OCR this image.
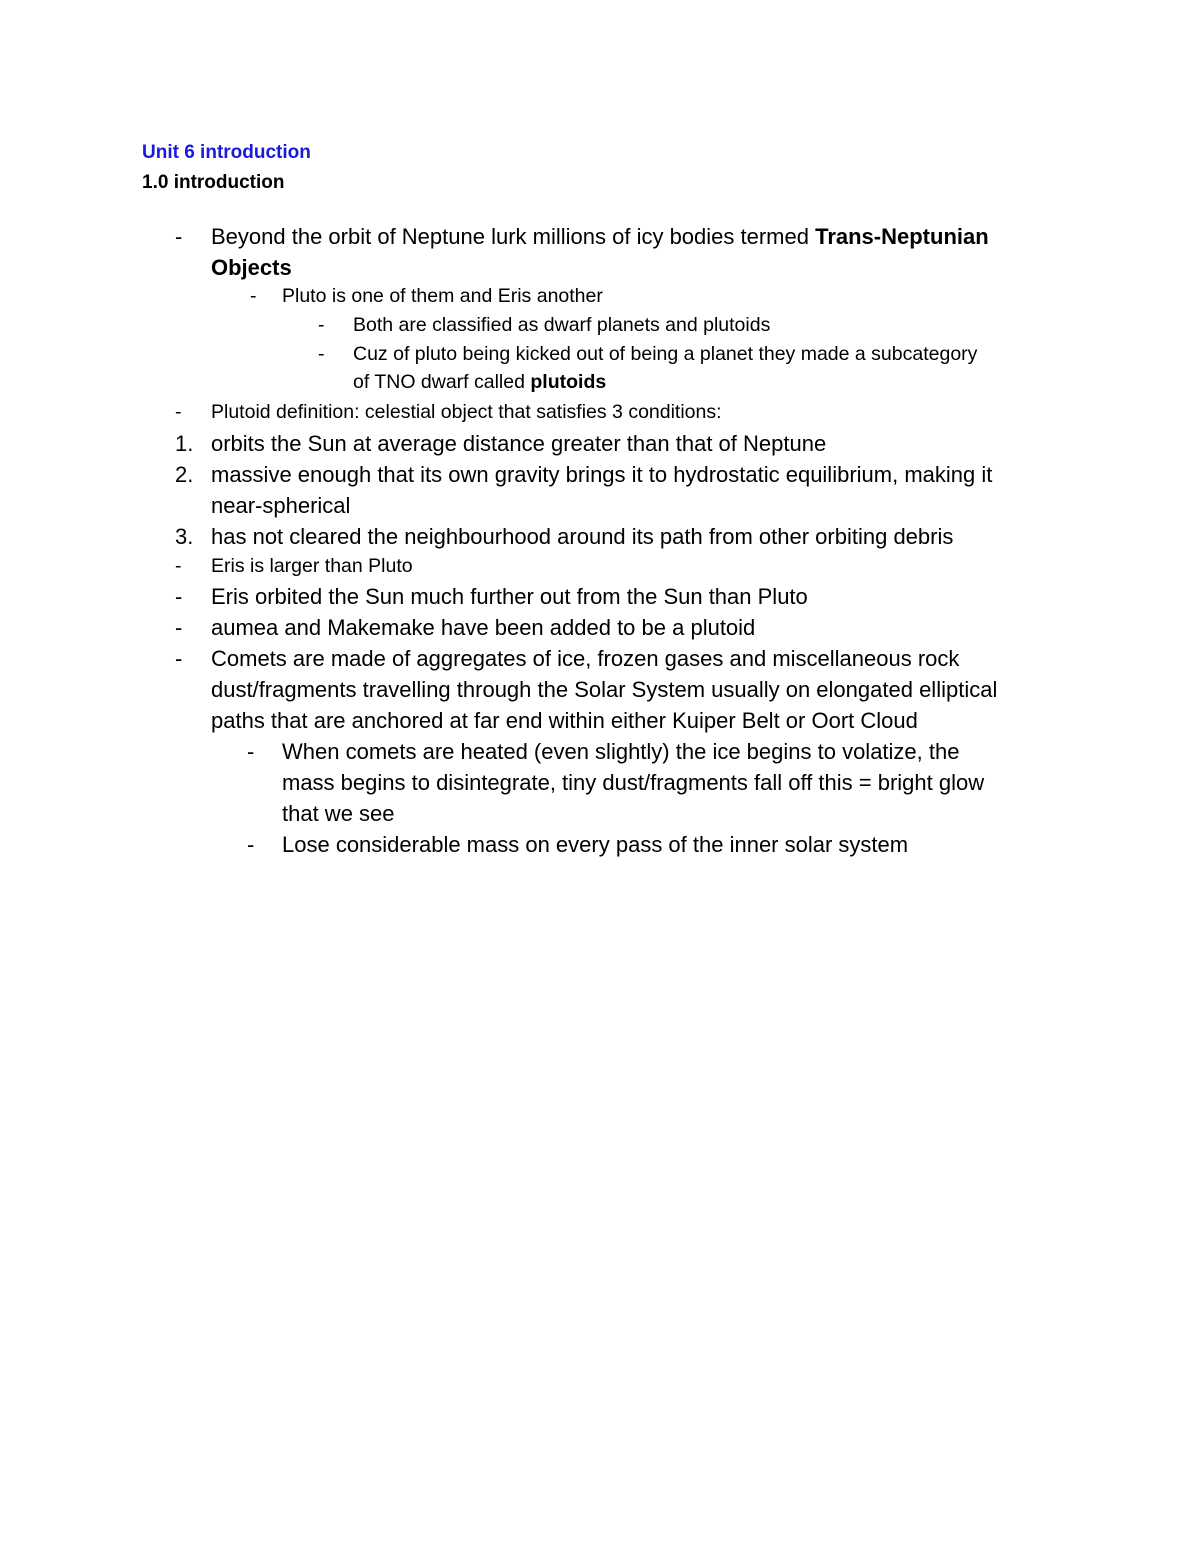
Unit 6 introduction
1.0 introduction
- Beyond the orbit of Neptune lurk millions of icy bodies termed Trans-Neptunian
Objects
- Pluto is one of them and Eris another
- Both are classified as dwarf planets and plutoids
- Cuz of pluto being kicked out of being a planet they made a subcategory
of TNO dwarf called plutoids
- Plutoid definition: celestial object that satisfies 3 conditions:
1. orbits the Sun at average distance greater than that of Neptune
2. massive enough that its own gravity brings it to hydrostatic equilibrium, making it
near-spherical
3. has not cleared the neighbourhood around its path from other orbiting debris
- Eris is larger than Pluto
- Eris orbited the Sun much further out from the Sun than Pluto
- aumea and Makemake have been added to be a plutoid
- Comets are made of aggregates of ice, frozen gases and miscellaneous rock
dust/fragments travelling through the Solar System usually on elongated elliptical
paths that are anchored at far end within either Kuiper Belt or Oort Cloud
- When comets are heated (even slightly) the ice begins to volatize, the
mass begins to disintegrate, tiny dust/fragments fall off this = bright glow
that we see
- Lose considerable mass on every pass of the inner solar system
